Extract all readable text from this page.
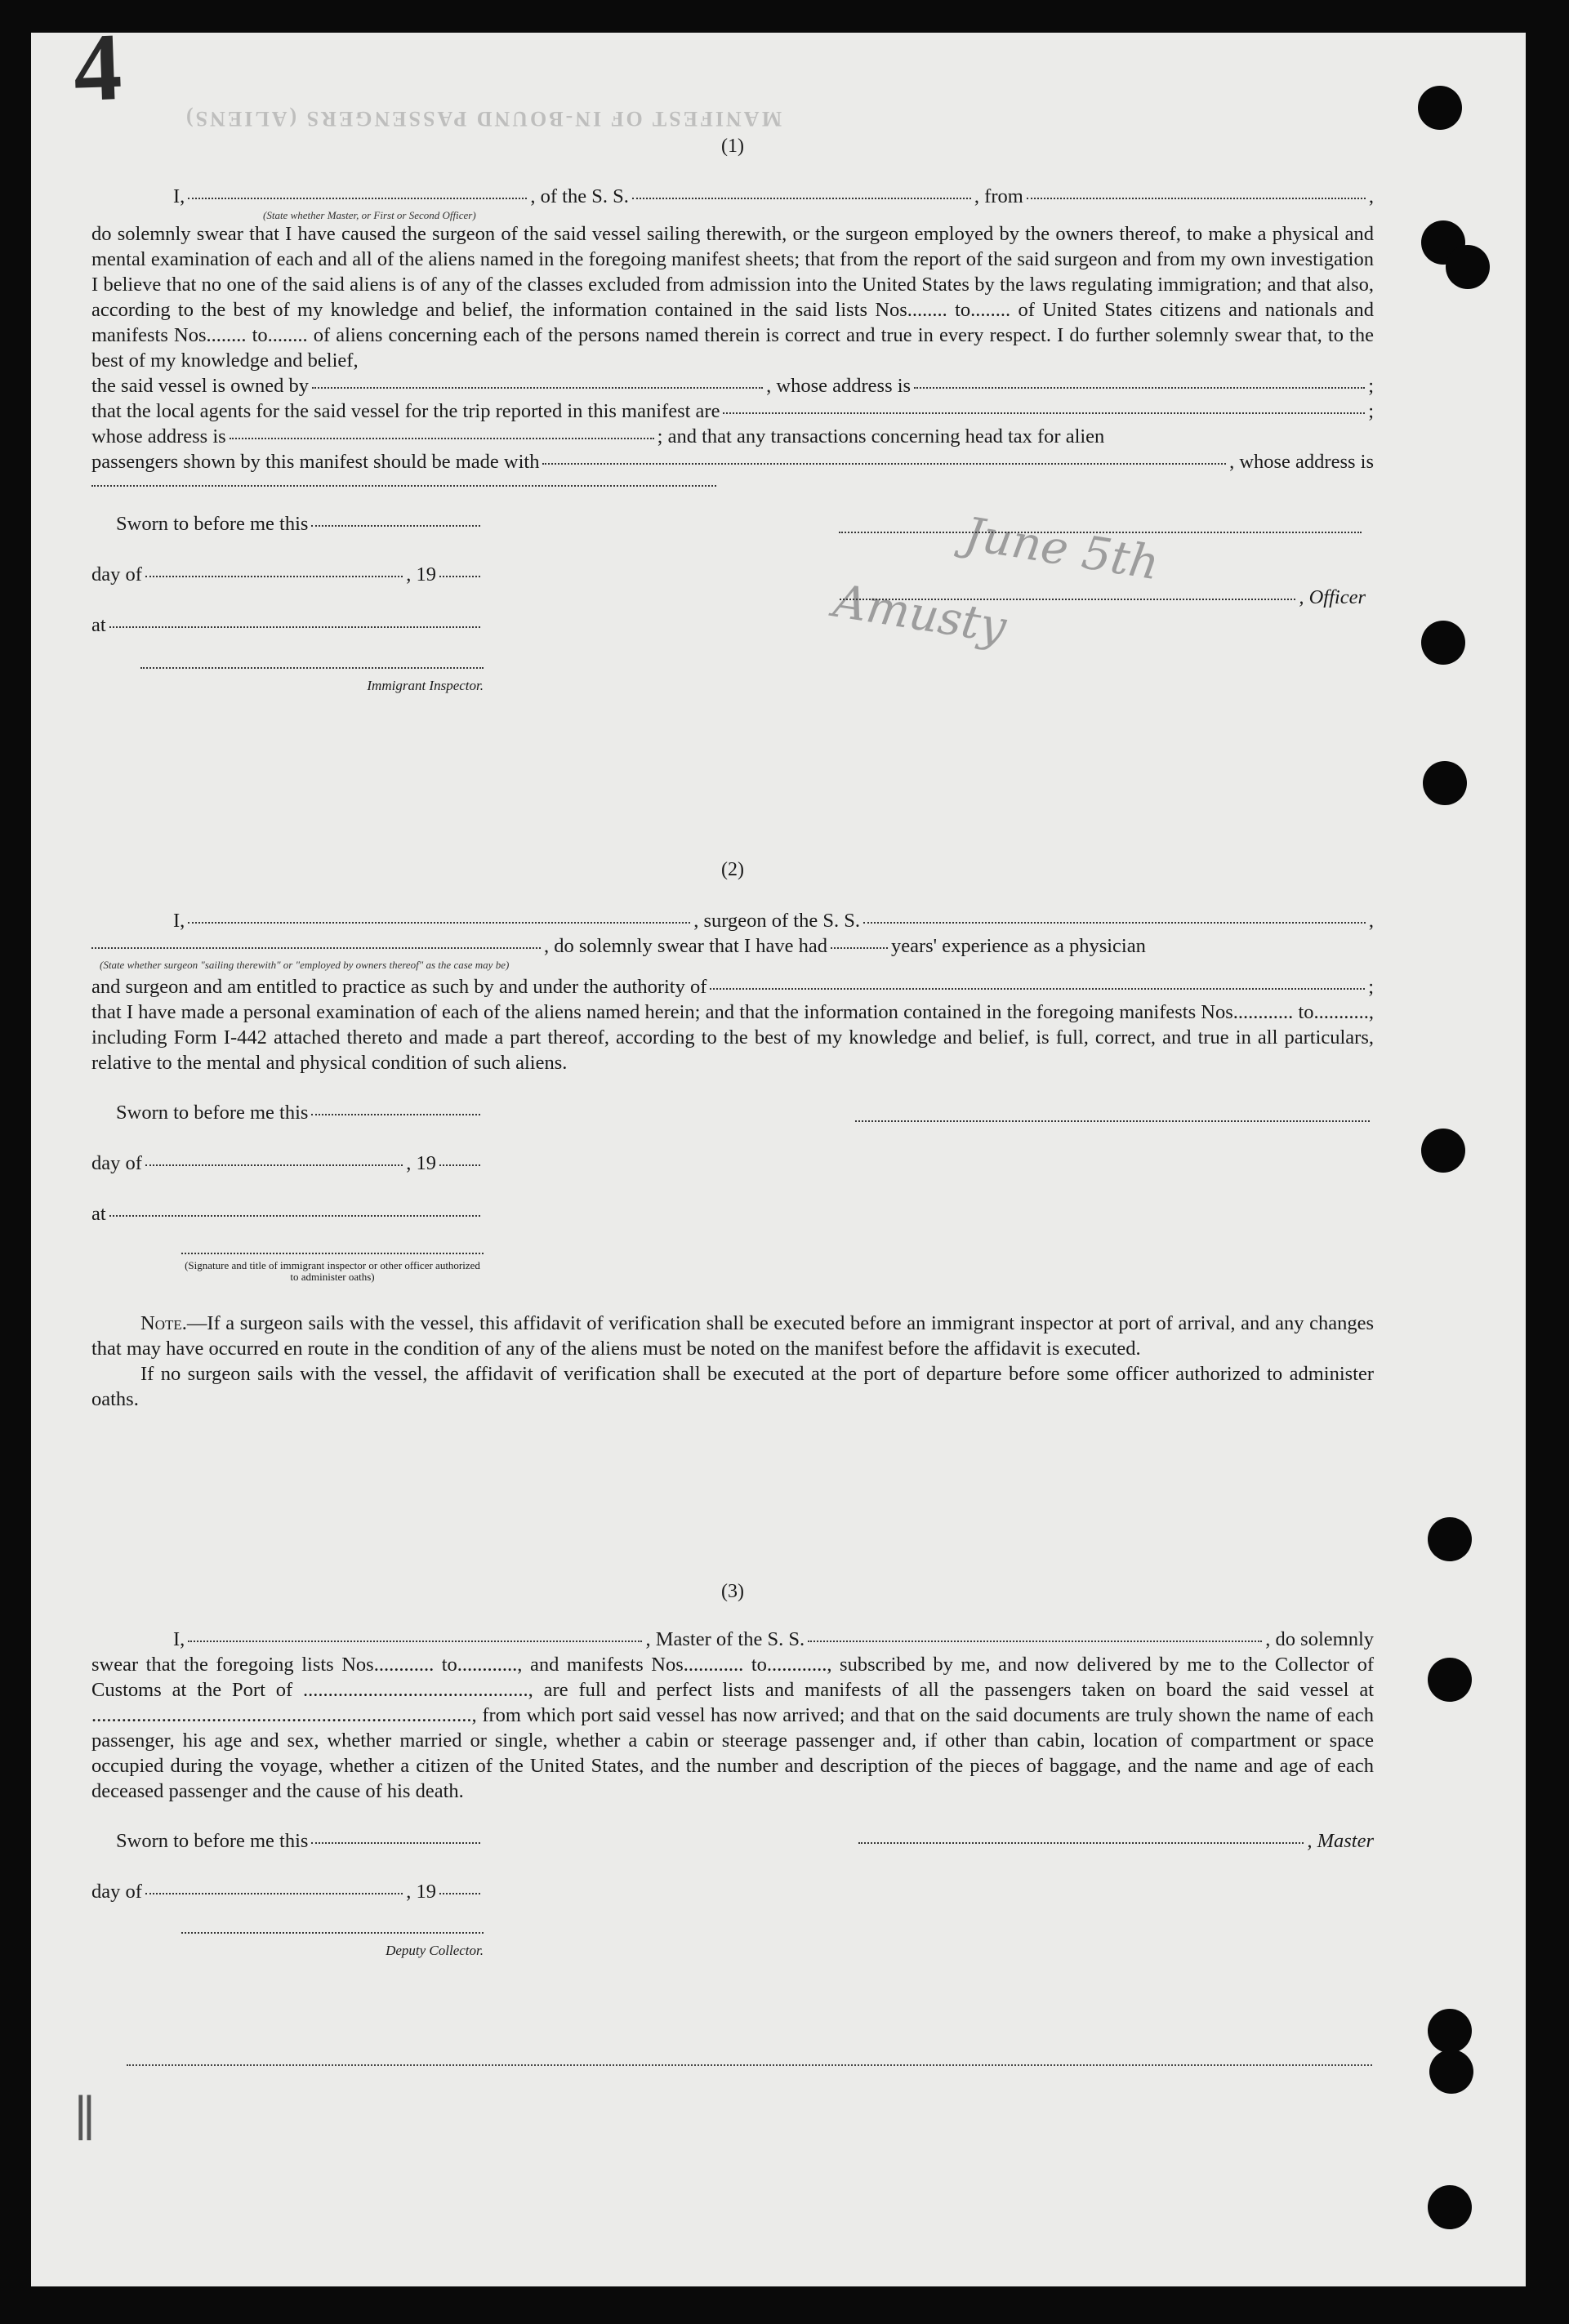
4	MANIFEST OF IN-BOUND PASSENGERS (ALIENS)
June 5th
Amusty
∥
(1)
I,	, of the S. S.	, from	,
(State whether Master, or First or Second Officer)

do solemnly swear that I have caused the surgeon of the said vessel sailing therewith, or the surgeon employed by the owners thereof, to make a physical and mental examination of each and all of the aliens named in the foregoing manifest sheets; that from the report of the said surgeon and from my own investigation I believe that no one of the said aliens is of any of the classes excluded from admission into the United States by the laws regulating immigration; and that also, according to the best of my knowledge and belief, the information contained in the said lists Nos........ to........ of United States citizens and nationals and manifests Nos........ to........ of aliens concerning each of the persons named therein is correct and true in every respect. I do further solemnly swear that, to the best of my knowledge and belief,

the said vessel is owned by	, whose address is	;
that the local agents for the said vessel for the trip reported in this manifest are	;
whose address is	; and that any transactions concerning head tax for alien
passengers shown by this manifest should be made with	, whose address is
Sworn to before me this
day of	, 19
, Officer
at
Immigrant Inspector.
(2)
I,	, surgeon of the S. S.	,
, do solemnly swear that I have had	years' experience as a physician
(State whether surgeon "sailing therewith" or "employed by owners thereof" as the case may be)
and surgeon and am entitled to practice as such by and under the authority of	;

that I have made a personal examination of each of the aliens named herein; and that the information contained in the foregoing manifests Nos............ to..........., including Form I-442 attached thereto and made a part thereof, according to the best of my knowledge and belief, is full, correct, and true in all particulars, relative to the mental and physical condition of such aliens.

Sworn to before me this
day of	, 19
at
(Signature and title of immigrant inspector or other officer authorized to administer oaths)

Note.—If a surgeon sails with the vessel, this affidavit of verification shall be executed before an immigrant inspector at port of arrival, and any changes that may have occurred en route in the condition of any of the aliens must be noted on the manifest before the affidavit is executed.

If no surgeon sails with the vessel, the affidavit of verification shall be executed at the port of departure before some officer authorized to administer oaths.

(3)
I,	, Master of the S. S.	, do solemnly

swear that the foregoing lists Nos............ to............, and manifests Nos............ to............, subscribed by me, and now delivered by me to the Collector of Customs at the Port of ............................................., are full and perfect lists and manifests of all the passengers taken on board the said vessel at ............................................................................, from which port said vessel has now arrived; and that on the said documents are truly shown the name of each passenger, his age and sex, whether married or single, whether a cabin or steerage passenger and, if other than cabin, location of compartment or space occupied during the voyage, whether a citizen of the United States, and the number and description of the pieces of baggage, and the name and age of each deceased passenger and the cause of his death.

Sworn to before me this	, Master
day of	, 19
Deputy Collector.
